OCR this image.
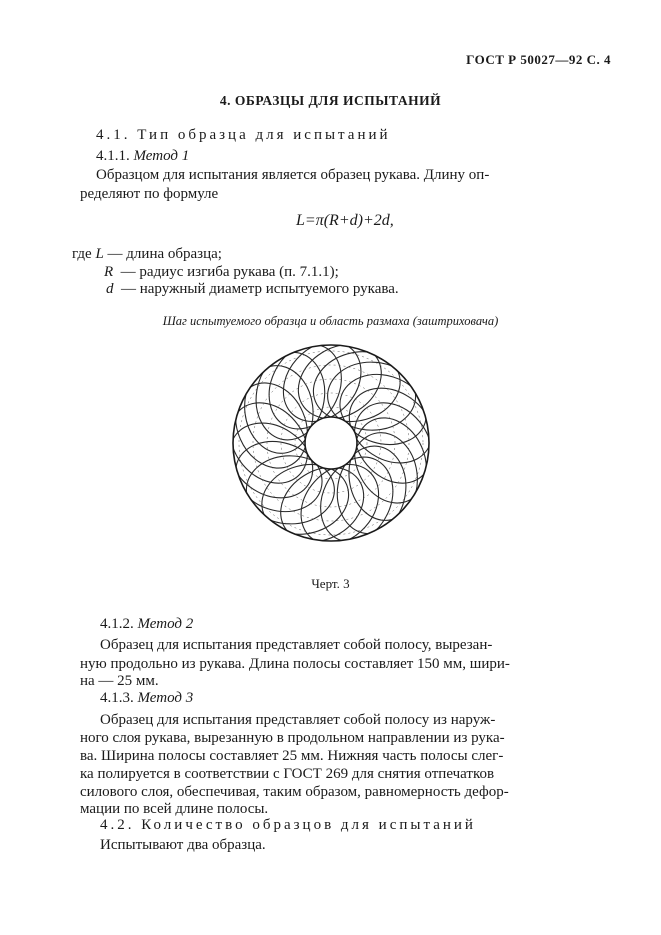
ГОСТ Р 50027—92 С. 4
4. ОБРАЗЦЫ ДЛЯ ИСПЫТАНИЙ
4.1. Тип образца для испытаний
4.1.1. Метод 1
Образцом для испытания является образец рукава. Длину оп-
ределяют по формуле
L=π(R+d)+2d,
где L — длина образца;
R — радиус изгиба рукава (п. 7.1.1);
d — наружный диаметр испытуемого рукава.
Шаг испытуемого образца и область размаха (заштриховача)
Черт. 3
4.1.2. Метод 2
Образец для испытания представляет собой полосу, вырезан-
ную продольно из рукава. Длина полосы составляет 150 мм, шири-
на — 25 мм.
4.1.3. Метод 3
Образец для испытания представляет собой полосу из наруж-
ного слоя рукава, вырезанную в продольном направлении из рука-
ва. Ширина полосы составляет 25 мм. Нижняя часть полосы слег-
ка полируется в соответствии с ГОСТ 269 для снятия отпечатков
силового слоя, обеспечивая, таким образом, равномерность дефор-
мации по всей длине полосы.
4.2. Количество образцов для испытаний
Испытывают два образца.
